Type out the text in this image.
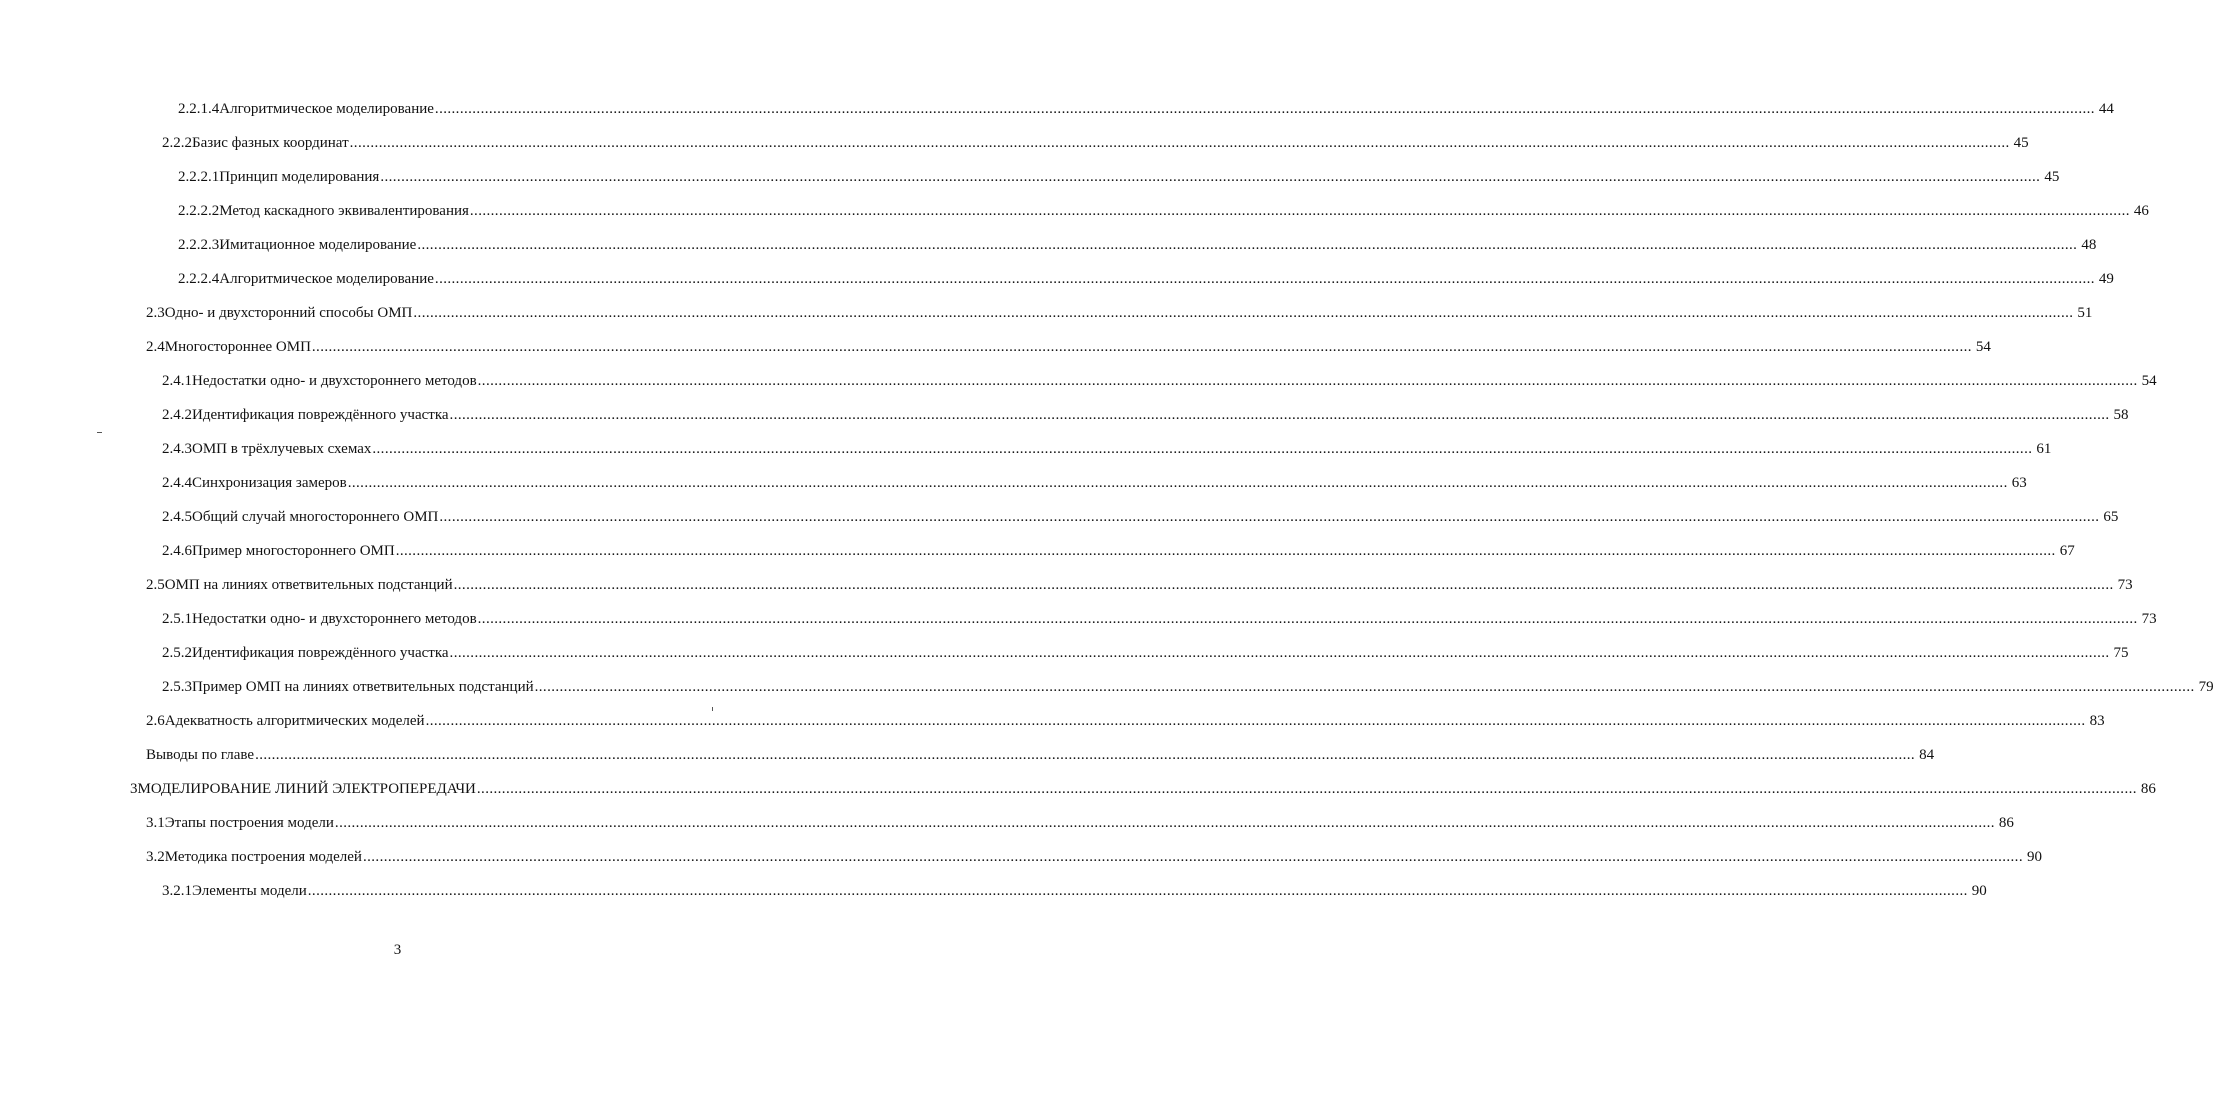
2.2.1.4 Алгоритмическое моделирование ................................................................................................................................................................................................................................................................................................................................................................................................................ 44
2.2.2 Базис фазных координат ................................................................................................................................................................................................................................................................................................................................................................................................................ 45
2.2.2.1 Принцип моделирования ................................................................................................................................................................................................................................................................................................................................................................................................................ 45
2.2.2.2 Метод каскадного эквивалентирования ................................................................................................................................................................................................................................................................................................................................................................................................................ 46
2.2.2.3 Имитационное моделирование ................................................................................................................................................................................................................................................................................................................................................................................................................ 48
2.2.2.4 Алгоритмическое моделирование ................................................................................................................................................................................................................................................................................................................................................................................................................ 49
2.3 Одно- и двухсторонний способы ОМП ................................................................................................................................................................................................................................................................................................................................................................................................................ 51
2.4 Многостороннее ОМП ................................................................................................................................................................................................................................................................................................................................................................................................................ 54
2.4.1 Недостатки одно- и двухстороннего методов ................................................................................................................................................................................................................................................................................................................................................................................................................ 54
2.4.2 Идентификация повреждённого участка ................................................................................................................................................................................................................................................................................................................................................................................................................ 58
2.4.3 ОМП в трёхлучевых схемах ................................................................................................................................................................................................................................................................................................................................................................................................................ 61
2.4.4 Синхронизация замеров ................................................................................................................................................................................................................................................................................................................................................................................................................ 63
2.4.5 Общий случай многостороннего ОМП ................................................................................................................................................................................................................................................................................................................................................................................................................ 65
2.4.6 Пример многостороннего ОМП ................................................................................................................................................................................................................................................................................................................................................................................................................ 67
2.5 ОМП на линиях ответвительных подстанций ................................................................................................................................................................................................................................................................................................................................................................................................................ 73
2.5.1 Недостатки одно- и двухстороннего методов ................................................................................................................................................................................................................................................................................................................................................................................................................ 73
2.5.2 Идентификация повреждённого участка ................................................................................................................................................................................................................................................................................................................................................................................................................ 75
2.5.3 Пример ОМП на линиях ответвительных подстанций ................................................................................................................................................................................................................................................................................................................................................................................................................ 79
2.6 Адекватность алгоритмических моделей ................................................................................................................................................................................................................................................................................................................................................................................................................ 83
Выводы по главе ................................................................................................................................................................................................................................................................................................................................................................................................................ 84
3 МОДЕЛИРОВАНИЕ ЛИНИЙ ЭЛЕКТРОПЕРЕДАЧИ ................................................................................................................................................................................................................................................................................................................................................................................................................ 86
3.1 Этапы построения модели ................................................................................................................................................................................................................................................................................................................................................................................................................ 86
3.2 Методика построения моделей ................................................................................................................................................................................................................................................................................................................................................................................................................ 90
3.2.1 Элементы модели ................................................................................................................................................................................................................................................................................................................................................................................................................ 90
3
